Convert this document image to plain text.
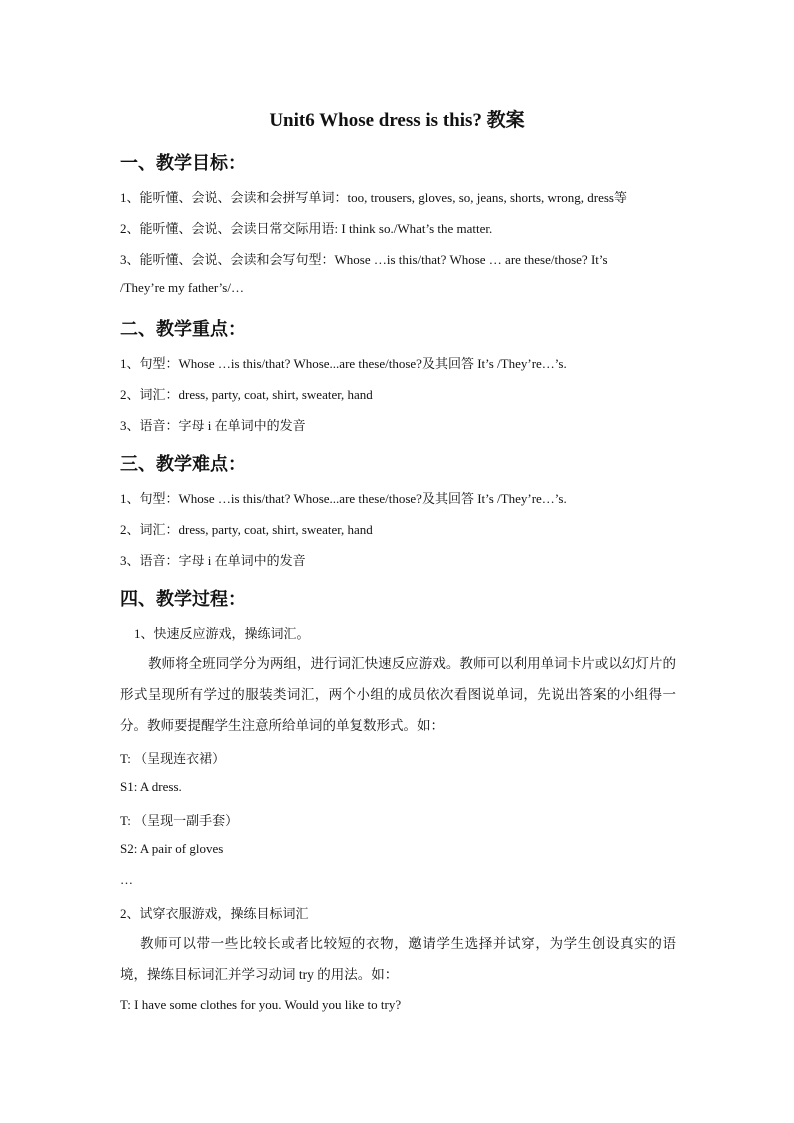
Unit6 Whose dress is this? 教案
一、教学目标：
1、能听懂、会说、会读和会拼写单词：too, trousers, gloves, so, jeans, shorts, wrong, dress等
2、能听懂、会说、会读日常交际用语: I think so./What’s the matter.
3、能听懂、会说、会读和会写句型：Whose …is this/that? Whose … are these/those? It’s
/They’re my father’s/…
二、教学重点：
1、句型：Whose …is this/that? Whose...are these/those?及其回答 It’s /They’re…’s.
2、词汇：dress, party, coat, shirt, sweater, hand
3、语音：字母 i 在单词中的发音
三、教学难点：
1、句型：Whose …is this/that? Whose...are these/those?及其回答 It’s /They’re…’s.
2、词汇：dress, party, coat, shirt, sweater, hand
3、语音：字母 i 在单词中的发音
四、教学过程：
1、快速反应游戏，操练词汇。
教师将全班同学分为两组，进行词汇快速反应游戏。教师可以利用单词卡片或以幻灯片的形式呈现所有学过的服装类词汇，两个小组的成员依次看图说单词，先说出答案的小组得一分。教师要提醒学生注意所给单词的单复数形式。如：
T: （呈现连衣裙）
S1: A dress.
T: （呈现一副手套）
S2: A pair of gloves
…
2、试穿衣服游戏，操练目标词汇
教师可以带一些比较长或者比较短的衣物，邀请学生选择并试穿，为学生创设真实的语境，操练目标词汇并学习动词 try 的用法。如：
T: I have some clothes for you. Would you like to try?
